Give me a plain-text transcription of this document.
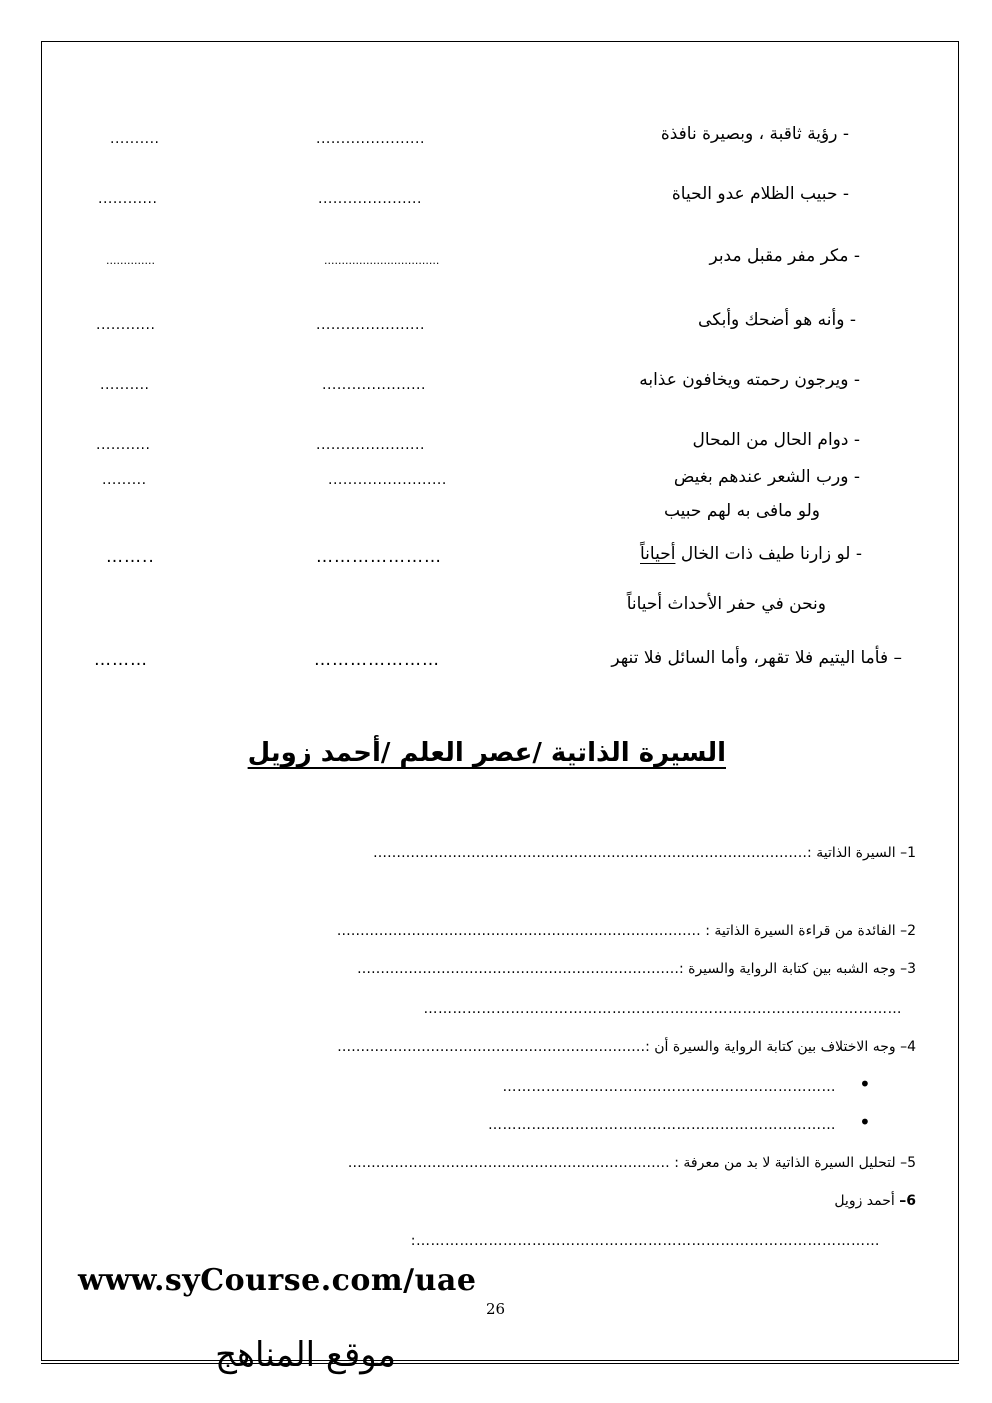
- رؤية ثاقبة ، وبصيرة نافذة
......................
..........
- حبيب الظلام عدو الحياة
.....................
............
- مكر مفر مقبل مدبر
.................................
..............
- وأنه هو أضحك وأبكى
......................
............
- ويرجون رحمته ويخافون عذابه
.....................
..........
- دوام الحال من المحال
......................
...........
- ورب الشعر عندهم بغيض
........................
.........
ولو مافى به لهم حبيب
- لو زارنا طيف ذات الخال أحياناً
…………………
……..
ونحن في حفر الأحداث أحياناً
– فأما اليتيم فلا تقهر، وأما السائل فلا تنهر
…………………
………
السيرة الذاتية /عصر العلم /أحمد زويل
1– السيرة الذاتية :…………………………………………………………………………………
2– الفائدة من قراءة السيرة الذاتية : ……………………………………………………………………
3– وجه الشبه بين كتابة الرواية والسيرة :……………………………………………………………
………………………………………………………………………………………
4– وجه الاختلاف بين كتابة الرواية والسيرة أن :…………………………………………………………
•
……………………………………………………………
•
………………………………………………………………
5– لتحليل السيرة الذاتية لا بد من معرفة : ……………………………………………………………
6– أحمد زويل
……………………………………………………………………………………:
www.syCourse.com/uae
26
موقع المناهج
